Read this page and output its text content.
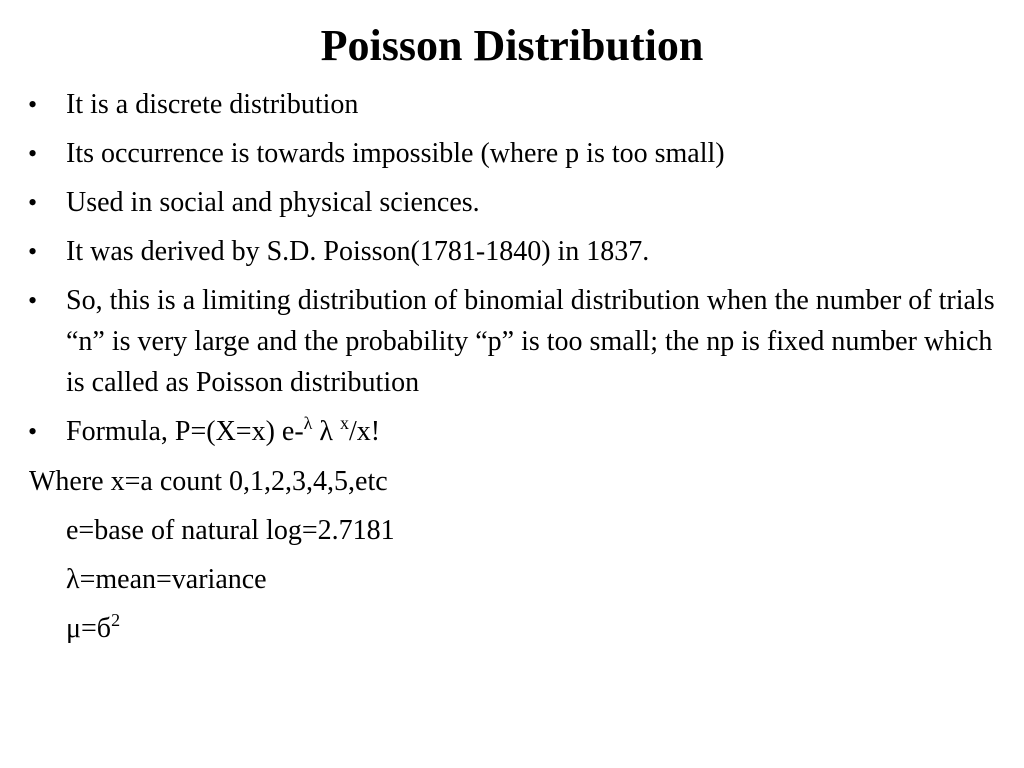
Poisson Distribution
• It is a discrete distribution
• Its occurrence is towards impossible (where p is too small)
• Used in social and physical sciences.
• It was derived by S.D. Poisson(1781-1840) in 1837.
• So, this is a limiting distribution of binomial distribution when the number of trials “n” is very large and the probability “p” is too small; the np is fixed number which is called as Poisson distribution
• Formula, P=(X=x) e-$^\lambda$ λ $^x$/x!
Where x=a count 0,1,2,3,4,5,etc
e=base of natural log=2.7181
λ=mean=variance
$\mu=б^2$
